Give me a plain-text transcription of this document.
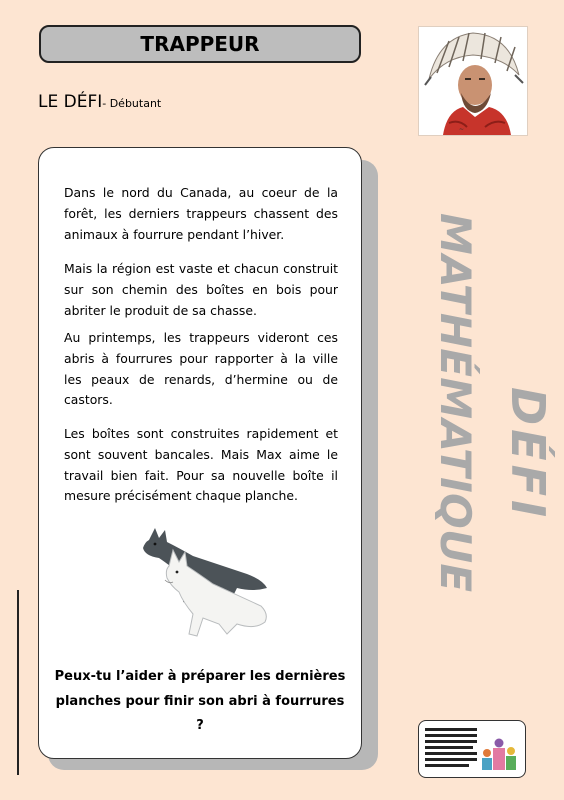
TRAPPEUR
LE DÉFI- Débutant
~

Dans le nord du Canada, au coeur de la forêt, les derniers trappeurs chassent des animaux à fourrure pendant l’hiver.

Mais la région est vaste et chacun construit sur son chemin des boîtes en bois pour abriter le produit de sa chasse.

Au printemps, les trappeurs videront ces abris à fourrures pour rapporter à la ville les peaux de renards, d’hermine ou de castors.

Les boîtes sont construites rapidement et sont souvent bancales. Mais Max aime le travail bien fait. Pour sa nouvelle boîte il mesure précisément chaque planche.

Peux-tu l’aider à préparer les dernières planches pour finir son abri à fourrures ?

DÉFI
MATHÉMATIQUE
